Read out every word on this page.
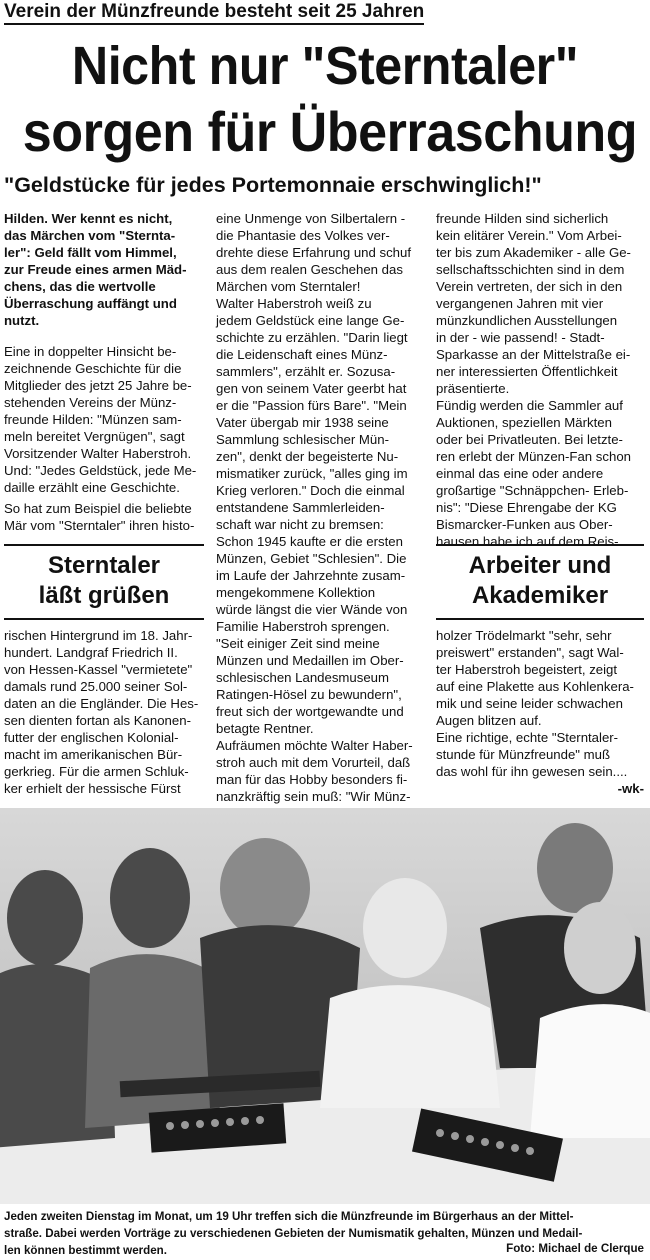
Verein der Münzfreunde besteht seit 25 Jahren
Nicht nur "Sterntaler"
sorgen für Überraschung
"Geldstücke für jedes Portemonnaie erschwinglich!"

Hilden. Wer kennt es nicht,
das Märchen vom "Sternta-
ler": Geld fällt vom Himmel,
zur Freude eines armen Mäd-
chens, das die wertvolle
Überraschung auffängt und
nutzt.

Eine in doppelter Hinsicht be-
zeichnende Geschichte für die
Mitglieder des jetzt 25 Jahre be-
stehenden Vereins der Münz-
freunde Hilden: "Münzen sam-
meln bereitet Vergnügen", sagt
Vorsitzender Walter Haberstroh.
Und: "Jedes Geldstück, jede Me-
daille erzählt eine Geschichte.

So hat zum Beispiel die beliebte
Mär vom "Sterntaler" ihren histo-

Sterntaler
läßt grüßen

rischen Hintergrund im 18. Jahr-
hundert. Landgraf Friedrich II.
von Hessen-Kassel "vermietete"
damals rund 25.000 seiner Sol-
daten an die Engländer. Die Hes-
sen dienten fortan als Kanonen-
futter der englischen Kolonial-
macht im amerikanischen Bür-
gerkrieg. Für die armen Schluk-
ker erhielt der hessische Fürst

eine Unmenge von Silbertalern -
die Phantasie des Volkes ver-
drehte diese Erfahrung und schuf
aus dem realen Geschehen das
Märchen vom Sterntaler!
Walter Haberstroh weiß zu
jedem Geldstück eine lange Ge-
schichte zu erzählen. "Darin liegt
die Leidenschaft eines Münz-
sammlers", erzählt er. Sozusa-
gen von seinem Vater geerbt hat
er die "Passion fürs Bare". "Mein
Vater übergab mir 1938 seine
Sammlung schlesischer Mün-
zen", denkt der begeisterte Nu-
mismatiker zurück, "alles ging im
Krieg verloren." Doch die einmal
entstandene Sammlerleiden-
schaft war nicht zu bremsen:
Schon 1945 kaufte er die ersten
Münzen, Gebiet "Schlesien". Die
im Laufe der Jahrzehnte zusam-
mengekommene Kollektion
würde längst die vier Wände von
Familie Haberstroh sprengen.
"Seit einiger Zeit sind meine
Münzen und Medaillen im Ober-
schlesischen Landesmuseum
Ratingen-Hösel zu bewundern",
freut sich der wortgewandte und
betagte Rentner.
Aufräumen möchte Walter Haber-
stroh auch mit dem Vorurteil, daß
man für das Hobby besonders fi-
nanzkräftig sein muß: "Wir Münz-

freunde Hilden sind sicherlich
kein elitärer Verein." Vom Arbei-
ter bis zum Akademiker - alle Ge-
sellschaftsschichten sind in dem
Verein vertreten, der sich in den
vergangenen Jahren mit vier
münzkundlichen Ausstellungen
in der - wie passend! - Stadt-
Sparkasse an der Mittelstraße ei-
ner interessierten Öffentlichkeit
präsentierte.
Fündig werden die Sammler auf
Auktionen, speziellen Märkten
oder bei Privatleuten. Bei letzte-
ren erlebt der Münzen-Fan schon
einmal das eine oder andere
großartige "Schnäppchen- Erleb-
nis": "Diese Ehrengabe der KG
Bismarcker-Funken aus Ober-
hausen habe ich auf dem Reis-

Arbeiter und
Akademiker

holzer Trödelmarkt "sehr, sehr
preiswert" erstanden", sagt Wal-
ter Haberstroh begeistert, zeigt
auf eine Plakette aus Kohlenkera-
mik und seine leider schwachen
Augen blitzen auf.
Eine richtige, echte "Sterntaler-
stunde für Münzfreunde" muß
das wohl für ihn gewesen sein....

-wk-

Jeden zweiten Dienstag im Monat, um 19 Uhr treffen sich die Münzfreunde im Bürgerhaus an der Mittel-
straße. Dabei werden Vorträge zu verschiedenen Gebieten der Numismatik gehalten, Münzen und Medail-
len können bestimmt werden.	Foto: Michael de Clerque
